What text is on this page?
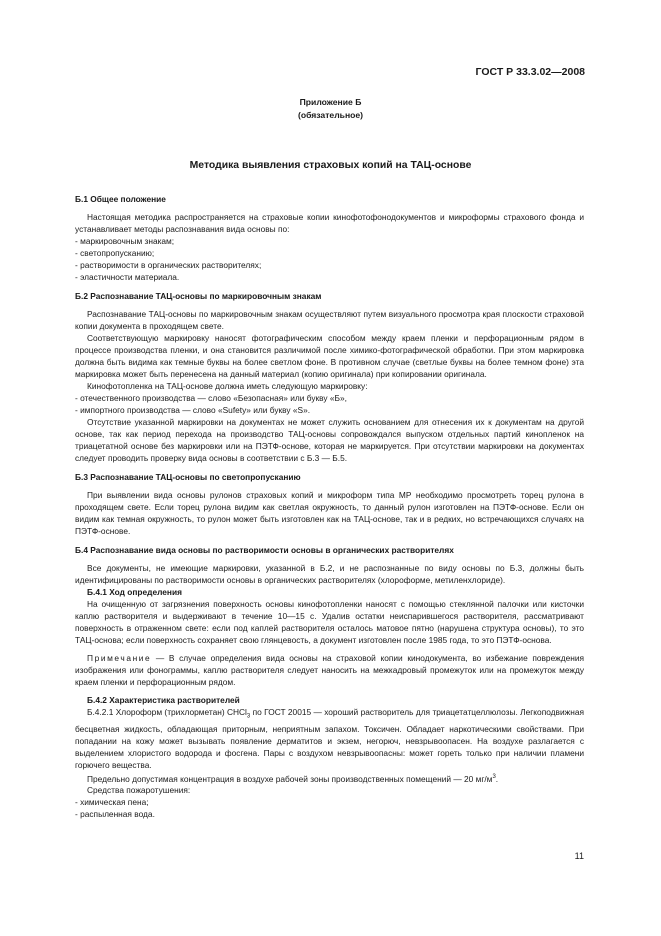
ГОСТ Р 33.3.02—2008
Приложение Б
(обязательное)
Методика выявления страховых копий на ТАЦ-основе

Б.1 Общее положение

Настоящая методика распространяется на страховые копии кинофотофонодокументов и микроформы страхового фонда и устанавливает методы распознавания вида основы по:

- маркировочным знакам;

- светопропусканию;

- растворимости в органических растворителях;

- эластичности материала.

Б.2 Распознавание ТАЦ-основы по маркировочным знакам

Распознавание ТАЦ-основы по маркировочным знакам осуществляют путем визуального просмотра края плоскости страховой копии документа в проходящем свете.

Соответствующую маркировку наносят фотографическим способом между краем пленки и перфорационным рядом в процессе производства пленки, и она становится различимой после химико-фотографической обработки. При этом маркировка должна быть видима как темные буквы на более светлом фоне. В противном случае (светлые буквы на более темном фоне) эта маркировка может быть перенесена на данный материал (копию оригинала) при копировании оригинала.

Кинофотопленка на ТАЦ-основе должна иметь следующую маркировку:

- отечественного производства — слово «Безопасная» или букву «Б»,

- импортного производства — слово «Sufety» или букву «S».

Отсутствие указанной маркировки на документах не может служить основанием для отнесения их к документам на другой основе, так как период перехода на производство ТАЦ-основы сопровождался выпуском отдельных партий кинопленок на триацетатной основе без маркировки или на ПЭТФ-основе, которая не маркируется. При отсутствии маркировки на документах следует проводить проверку вида основы в соответствии с Б.3 — Б.5.

Б.3 Распознавание ТАЦ-основы по светопропусканию

При выявлении вида основы рулонов страховых копий и микроформ типа МР необходимо просмотреть торец рулона в проходящем свете. Если торец рулона видим как светлая окружность, то данный рулон изготовлен на ПЭТФ-основе. Если он видим как темная окружность, то рулон может быть изготовлен как на ТАЦ-основе, так и в редких, но встречающихся случаях на ПЭТФ-основе.

Б.4 Распознавание вида основы по растворимости основы в органических растворителях

Все документы, не имеющие маркировки, указанной в Б.2, и не распознанные по виду основы по Б.3, должны быть идентифицированы по растворимости основы в органических растворителях (хлороформе, метиленхлориде).

Б.4.1 Ход определения

На очищенную от загрязнения поверхность основы кинофотопленки наносят с помощью стеклянной палочки или кисточки каплю растворителя и выдерживают в течение 10—15 с. Удалив остатки неиспарившегося растворителя, рассматривают поверхность в отраженном свете: если под каплей растворителя осталось матовое пятно (нарушена структура основы), то это ТАЦ-основа; если поверхность сохраняет свою глянцевость, а документ изготовлен после 1985 года, то это ПЭТФ-основа.

Примечание — В случае определения вида основы на страховой копии кинодокумента, во избежание повреждения изображения или фонограммы, каплю растворителя следует наносить на межкадровый промежуток или на промежуток между краем пленки и перфорационным рядом.

Б.4.2 Характеристика растворителей

Б.4.2.1 Хлороформ (трихлорметан) CHCl$_3$ по ГОСТ 20015 — хороший растворитель для триацетатцеллюлозы. Легкоподвижная бесцветная жидкость, обладающая приторным, неприятным запахом. Токсичен. Обладает наркотическими свойствами. При попадании на кожу может вызывать появление дерматитов и экзем, негорюч, невзрывоопасен. На воздухе разлагается с выделением хлористого водорода и фосгена. Пары с воздухом невзрывоопасны: может гореть только при наличии пламени горючего вещества.

Предельно допустимая концентрация в воздухе рабочей зоны производственных помещений — 20 $мг/м^3$.

Средства пожаротушения:

- химическая пена;

- распыленная вода.

11
